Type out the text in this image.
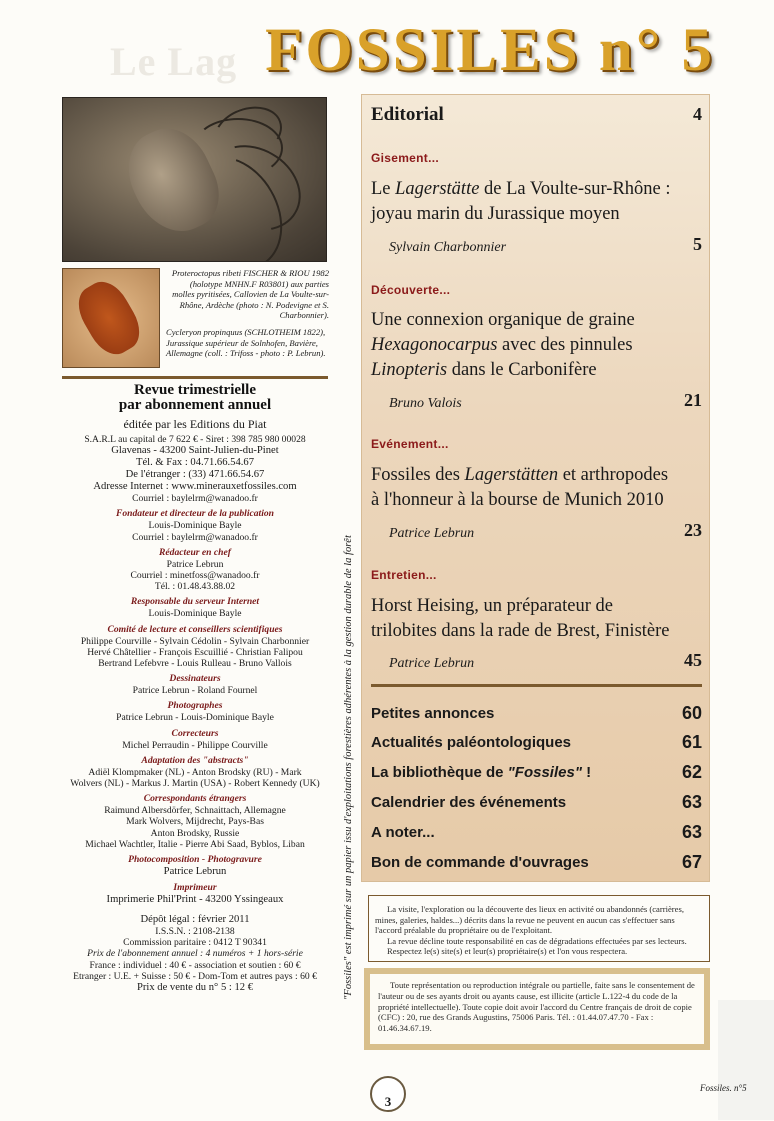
Le Lag FOSSILES n° 5
Proteroctopus ribeti FISCHER & RIOU 1982 (holotype MNHN.F R03801) aux parties molles pyritisées, Callovien de La Voulte-sur-Rhône, Ardèche (photo : N. Podevigne et S. Charbonnier).
Cycleryon propinquus (SCHLOTHEIM 1822), Jurassique supérieur de Solnhofen, Bavière, Allemagne (coll. : Trifoss - photo : P. Lebrun).
Revue trimestrielle
par abonnement annuel
éditée par les Editions du Piat
S.A.R.L au capital de 7 622 € - Siret : 398 785 980 00028
Glavenas - 43200 Saint-Julien-du-Pinet
Tél. & Fax : 04.71.66.54.67
De l'étranger : (33) 471.66.54.67
Adresse Internet : www.minerauxetfossiles.com
Courriel : baylelrm@wanadoo.fr
Fondateur et directeur de la publication
Louis-Dominique Bayle
Courriel : baylelrm@wanadoo.fr
Rédacteur en chef
Patrice Lebrun
Courriel : minetfoss@wanadoo.fr
Tél. : 01.48.43.88.02
Responsable du serveur Internet
Louis-Dominique Bayle
Comité de lecture et conseillers scientifiques
Philippe Courville - Sylvain Cédolin - Sylvain Charbonnier
Hervé Châtellier - François Escuillié - Christian Falipou
Bertrand Lefebvre - Louis Rulleau - Bruno Vallois
Dessinateurs
Patrice Lebrun - Roland Fournel
Photographes
Patrice Lebrun - Louis-Dominique Bayle
Correcteurs
Michel Perraudin - Philippe Courville
Adaptation des "abstracts"
Adiël Klompmaker (NL) - Anton Brodsky (RU) - Mark
Wolvers (NL) - Markus J. Martin (USA) - Robert Kennedy (UK)
Correspondants étrangers
Raimund Albersdörfer, Schnaittach, Allemagne
Mark Wolvers, Mijdrecht, Pays-Bas
Anton Brodsky, Russie
Michael Wachtler, Italie - Pierre Abi Saad, Byblos, Liban
Photocomposition - Photogravure
Patrice Lebrun
Imprimeur
Imprimerie Phil'Print - 43200 Yssingeaux
Dépôt légal : février 2011
I.S.S.N. : 2108-2138
Commission paritaire : 0412 T 90341
Prix de l'abonnement annuel : 4 numéros + 1 hors-série
France : individuel : 40 € - association et soutien : 60 €
Etranger : U.E. + Suisse : 50 € - Dom-Tom et autres pays : 60 €
Prix de vente du n° 5 : 12 €	"Fossiles" est imprimé sur un papier issu d'exploitations forestières adhérentes à la gestion durable de la forêt
Editorial	4
Gisement...
Le Lagerstätte de La Voulte-sur-Rhône :
joyau marin du Jurassique moyen
Sylvain Charbonnier	5
Découverte...
Une connexion organique de graine
Hexagonocarpus avec des pinnules
Linopteris dans le Carbonifère
Bruno Valois	21
Evénement...
Fossiles des Lagerstätten et arthropodes
à l'honneur à la bourse de Munich 2010
Patrice Lebrun	23
Entretien...
Horst Heising, un préparateur de
trilobites dans la rade de Brest, Finistère
Patrice Lebrun	45
Petites annonces	60
Actualités paléontologiques	61
La bibliothèque de "Fossiles" !	62
Calendrier des événements	63
A noter...	63
Bon de commande d'ouvrages	67
La visite, l'exploration ou la découverte des lieux en activité ou abandonnés (carrières, mines, galeries, haldes...) décrits dans la revue ne peuvent en aucun cas s'effectuer sans l'accord préalable du propriétaire ou de l'exploitant.
La revue décline toute responsabilité en cas de dégradations effectuées par ses lecteurs.
Respectez le(s) site(s) et leur(s) propriétaire(s) et l'on vous respectera.
Toute représentation ou reproduction intégrale ou partielle, faite sans le consentement de l'auteur ou de ses ayants droit ou ayants cause, est illicite (article L.122-4 du code de la propriété intellectuelle). Toute copie doit avoir l'accord du Centre français de droit de copie (CFC) : 20, rue des Grands Augustins, 75006 Paris. Tél. : 01.44.07.47.70 - Fax : 01.46.34.67.19.
3
Fossiles. n°5
